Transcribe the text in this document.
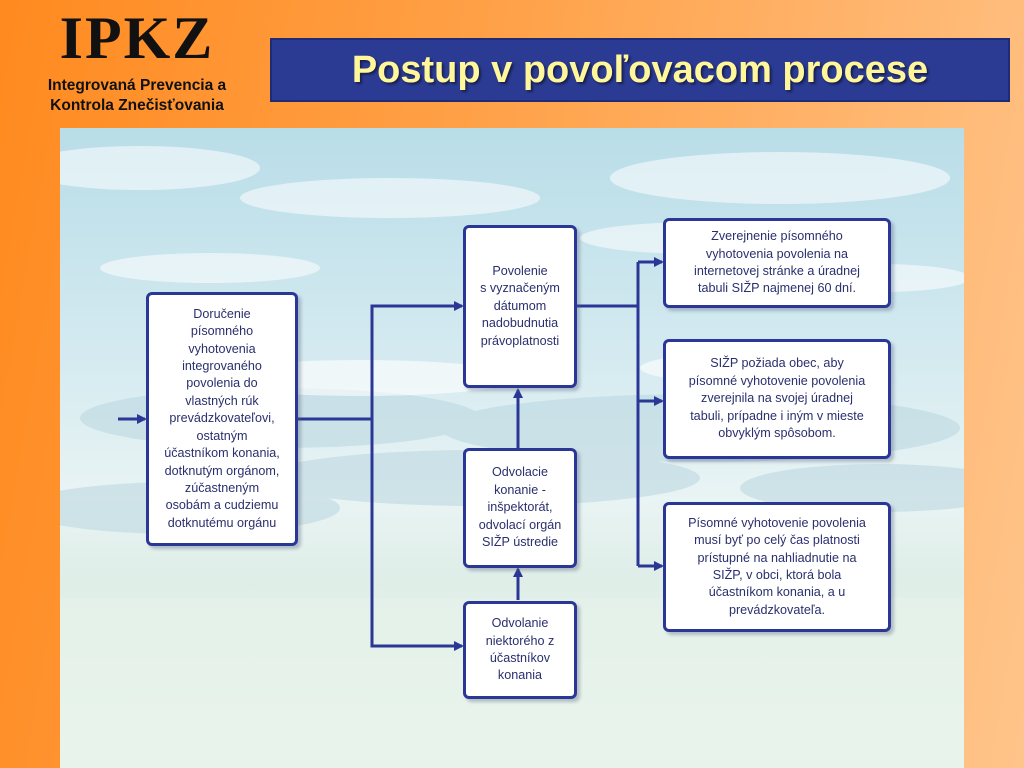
IPKZ
Integrovaná Prevencia a
Kontrola Znečisťovania
Postup v povoľovacom procese
Doručenie
písomného
vyhotovenia
integrovaného
povolenia do
vlastných rúk
prevádzkovateľovi,
ostatným
účastníkom konania,
dotknutým orgánom,
zúčastneným
osobám a cudziemu
dotknutému orgánu
Povolenie
s vyznačeným
dátumom
nadobudnutia
právoplatnosti
Odvolacie
konanie -
inšpektorát,
odvolací orgán
SIŽP ústredie
Odvolanie
niektorého z
účastníkov
konania
Zverejnenie písomného
vyhotovenia povolenia na
internetovej stránke a úradnej
tabuli SIŽP najmenej 60 dní.
SIŽP požiada obec, aby
písomné vyhotovenie povolenia
zverejnila na svojej úradnej
tabuli, prípadne i iným v mieste
obvyklým spôsobom.
Písomné vyhotovenie povolenia
musí byť po celý čas platnosti
prístupné na nahliadnutie na
SIŽP, v obci, ktorá bola
účastníkom konania, a u
prevádzkovateľa.
